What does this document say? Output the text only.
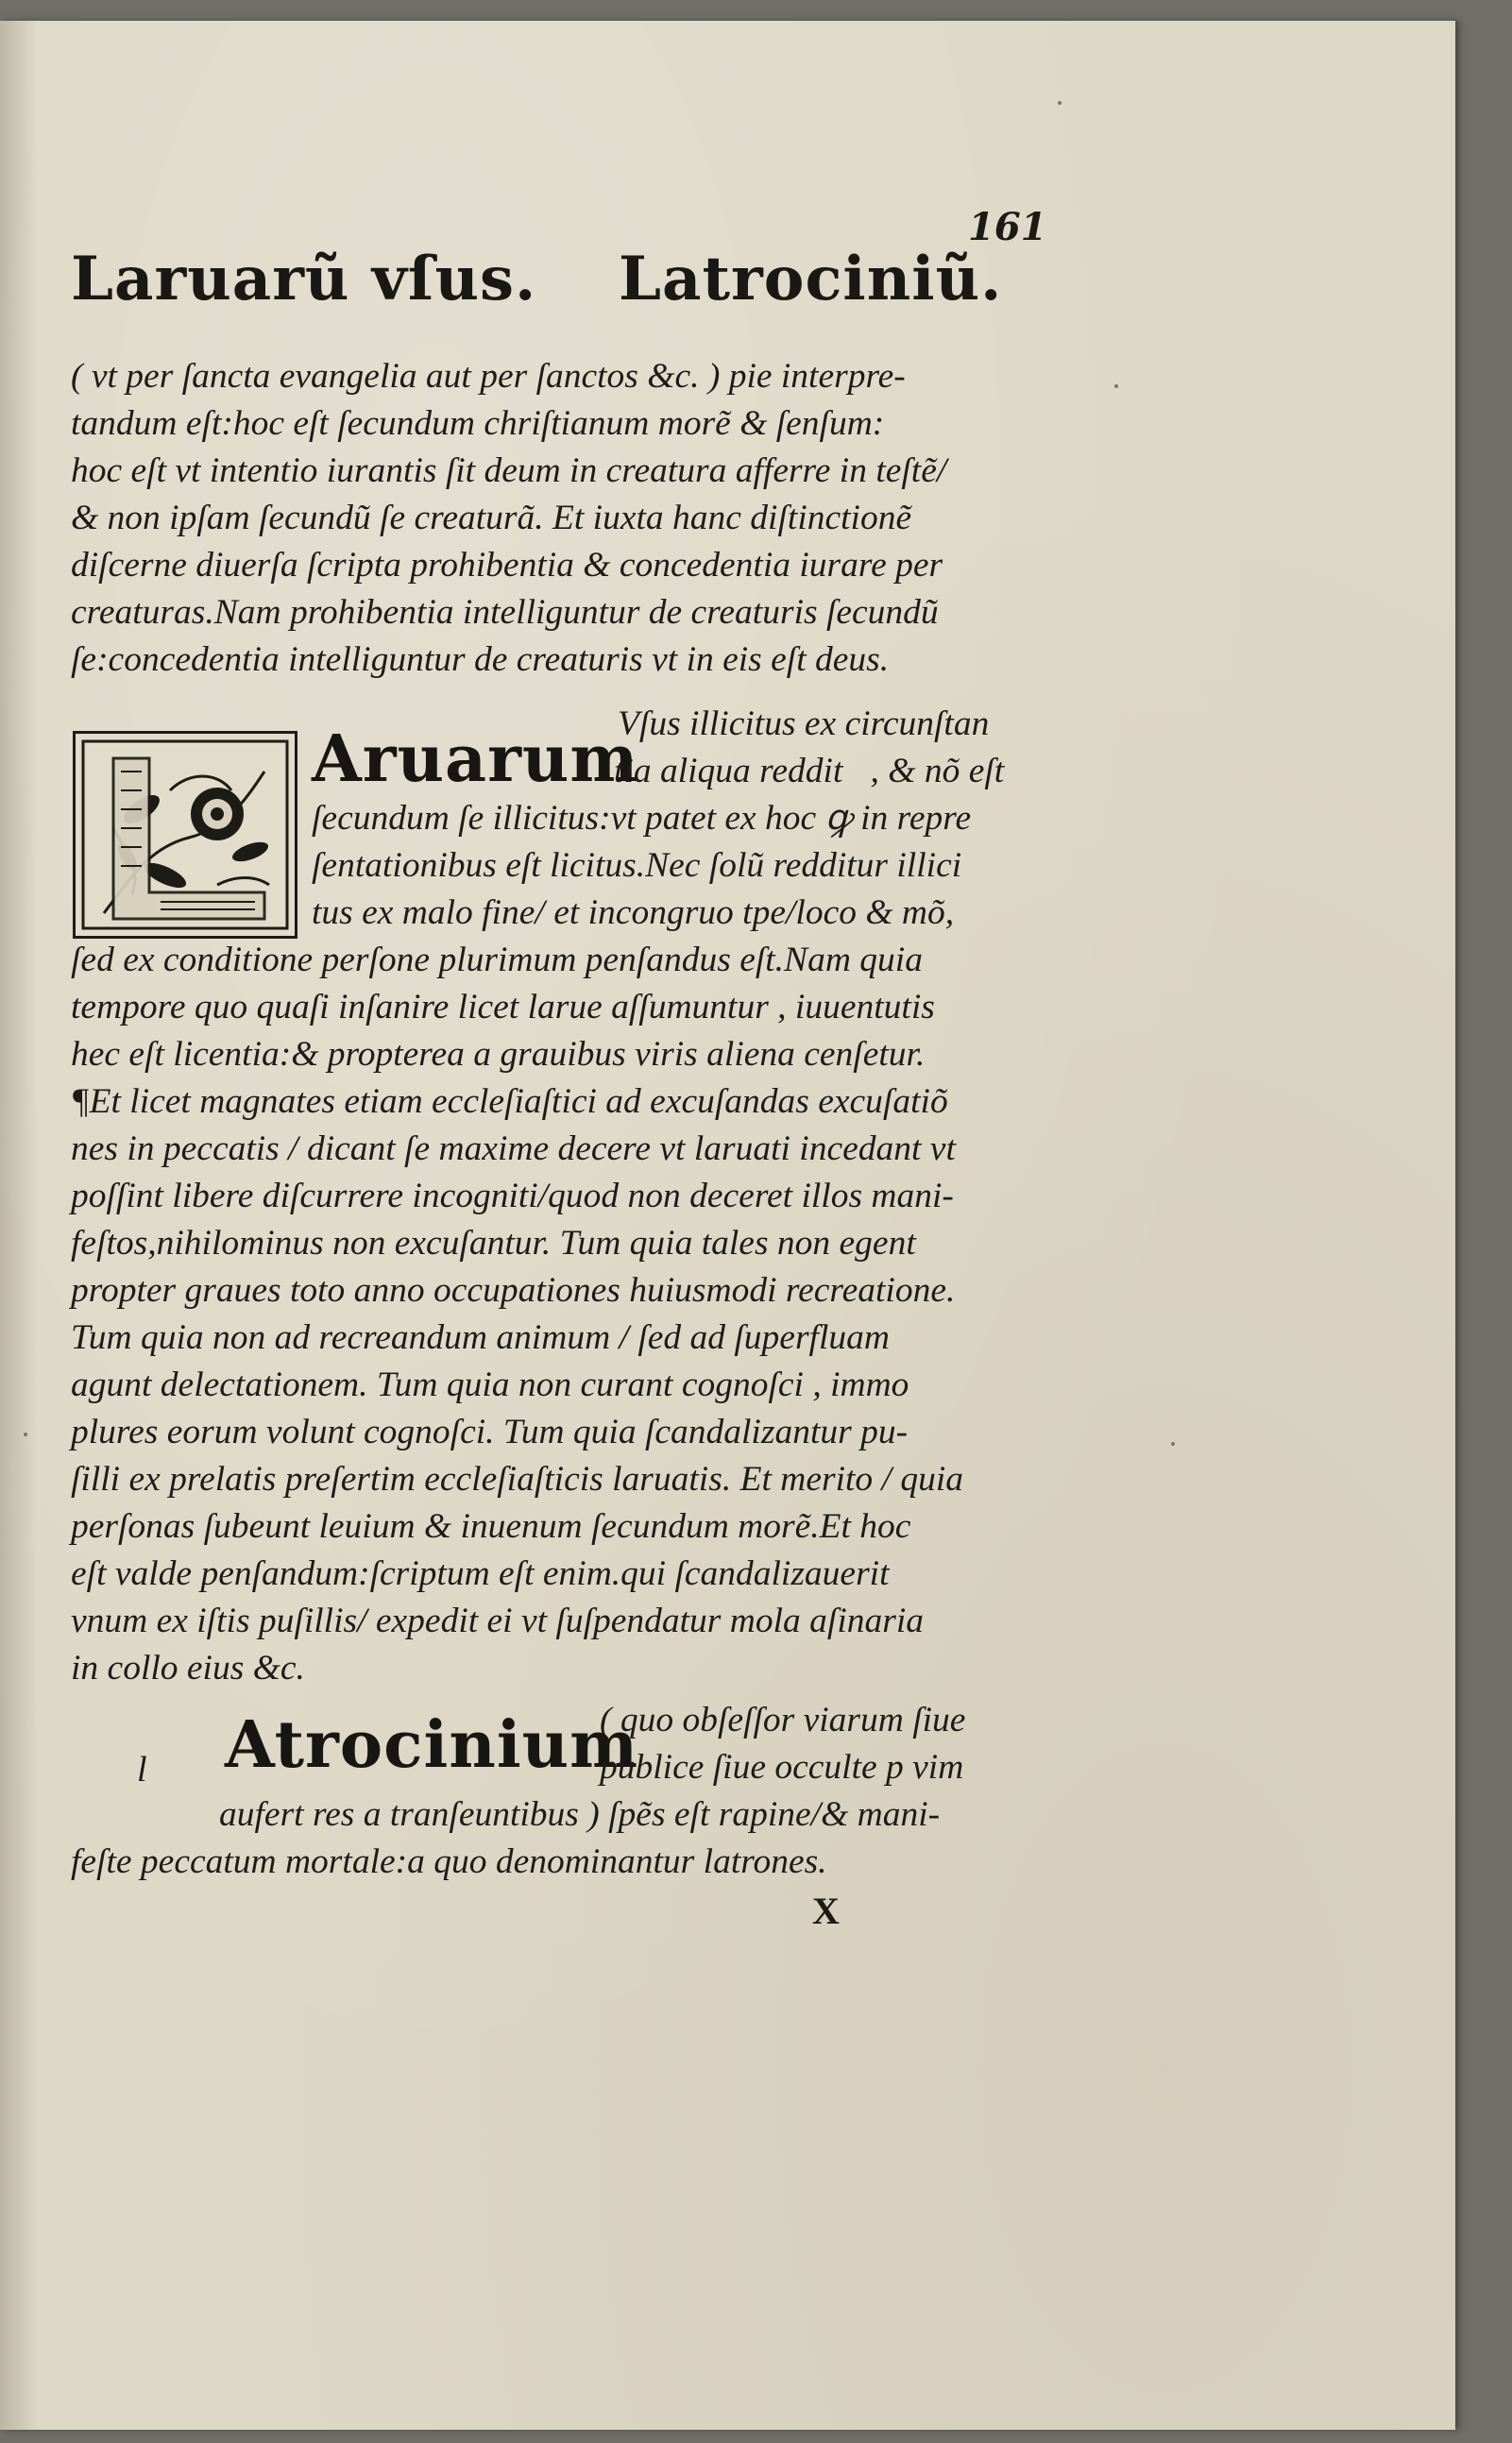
161
Laruarũ vſus. Latrociniũ.
( vt per ſancta evangelia aut per ſanctos &c. ) pie interpre-
tandum eſt:hoc eſt ſecundum chriſtianum morẽ & ſenſum:
hoc eſt vt intentio iurantis ſit deum in creatura afferre in teſtẽ/
& non ipſam ſecundũ ſe creaturã. Et iuxta hanc diſtinctionẽ
diſcerne diuerſa ſcripta prohibentia & concedentia iurare per
creaturas.Nam prohibentia intelliguntur de creaturis ſecundũ
ſe:concedentia intelliguntur de creaturis vt in eis eſt deus.
Vſus illicitus ex circunſtan
Aruarum
tia aliqua redditᷣ, & nõ eſt
ſecundum ſe illicitus:vt patet ex hoc ꝙ in repre
ſentationibus eſt licitus.Nec ſolũ redditur illici
tus ex malo fine/ et incongruo tpe/loco & mõ,
ſed ex conditione perſone plurimum penſandus eſt.Nam quia
tempore quo quaſi inſanire licet larue aſſumuntur , iuuentutis
hec eſt licentia:& propterea a grauibus viris aliena cenſetur.
¶Et licet magnates etiam eccleſiaſtici ad excuſandas excuſatiõ
nes in peccatis / dicant ſe maxime decere vt laruati incedant vt
poſſint libere diſcurrere incogniti/quod non deceret illos mani-
feſtos,nihilominus non excuſantur. Tum quia tales non egent
propter graues toto anno occupationes huiusmodi recreatione.
Tum quia non ad recreandum animum / ſed ad ſuperfluam
agunt delectationem. Tum quia non curant cognoſci , immo
plures eorum volunt cognoſci. Tum quia ſcandalizantur pu-
ſilli ex prelatis preſertim eccleſiaſticis laruatis. Et merito / quia
perſonas ſubeunt leuium & inuenum ſecundum morẽ.Et hoc
eſt valde penſandum:ſcriptum eſt enim.qui ſcandalizauerit
vnum ex iſtis puſillis/ expedit ei vt ſuſpendatur mola aſinaria
in collo eius &c.
l Atrocinium
( quo obſeſſor viarum ſiue
publice ſiue occulte p vim
aufert res a tranſeuntibus ) ſpẽs eſt rapine/& mani-
feſte peccatum mortale:a quo denominantur latrones.
X
